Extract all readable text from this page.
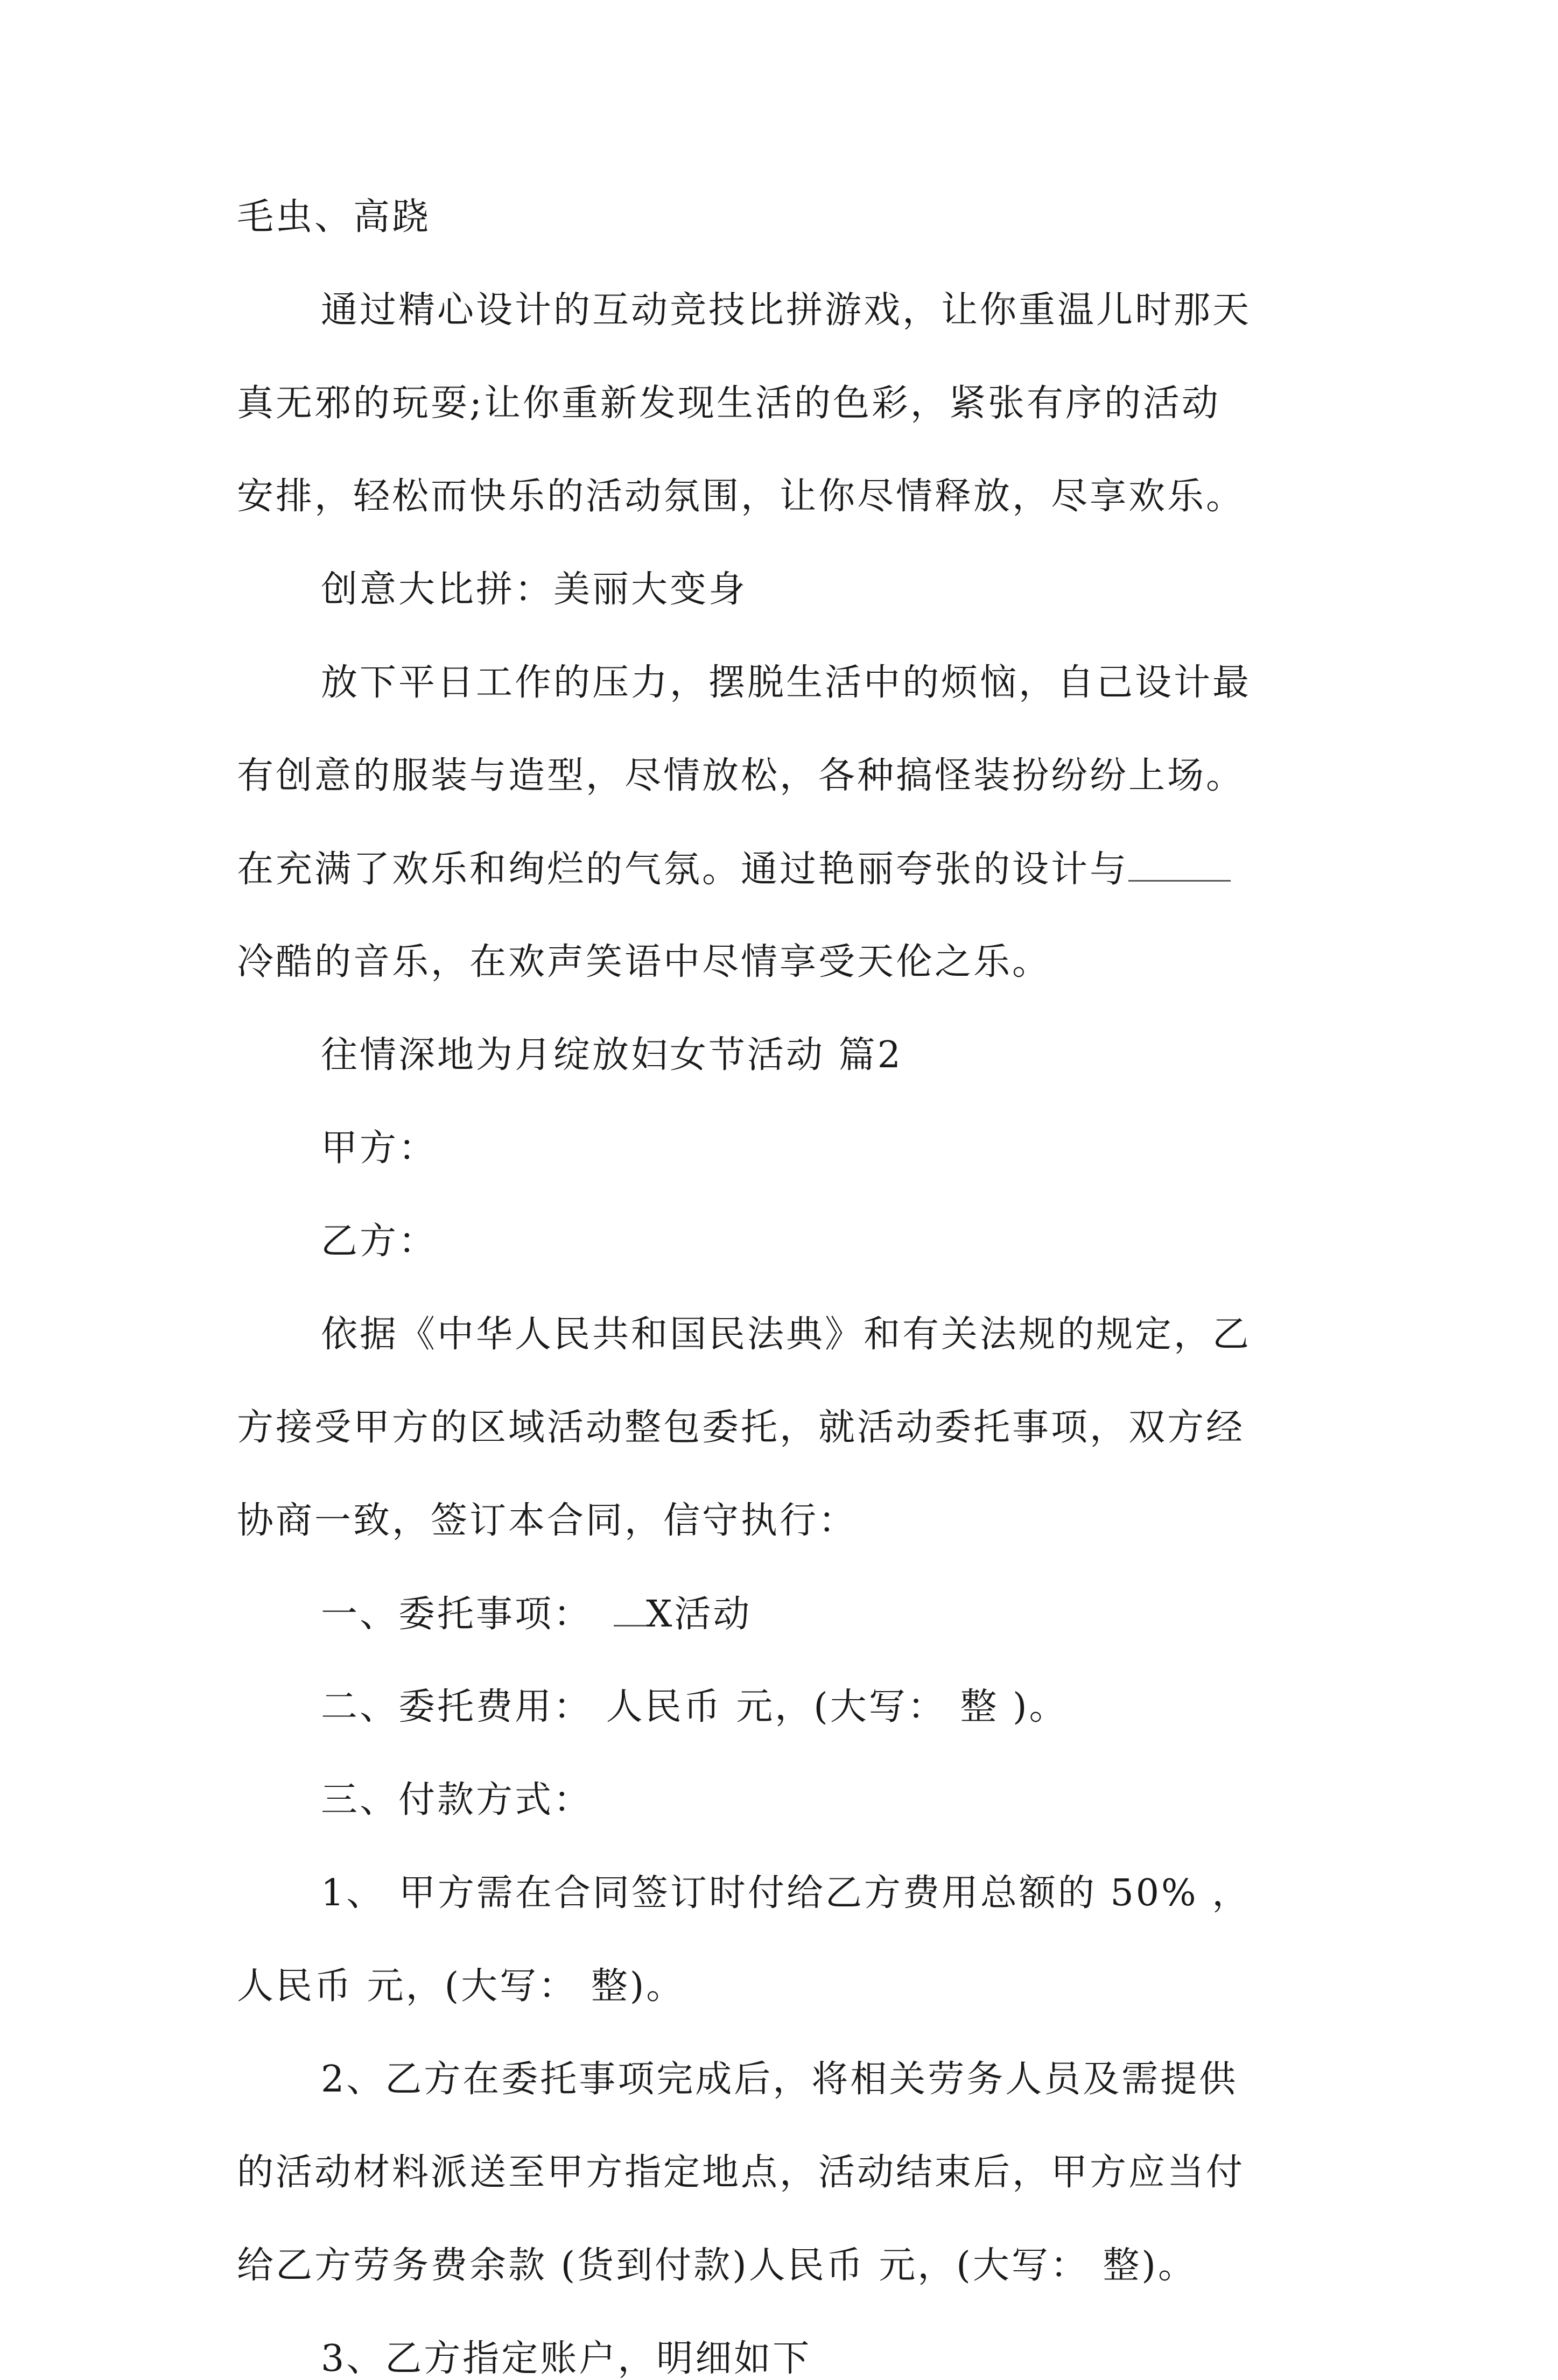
毛虫、高跷

通过精心设计的互动竞技比拼游戏，让你重温儿时那天

真无邪的玩耍;让你重新发现生活的色彩，紧张有序的活动

安排，轻松而快乐的活动氛围，让你尽情释放，尽享欢乐。

创意大比拼：美丽大变身

放下平日工作的压力，摆脱生活中的烦恼，自己设计最

有创意的服装与造型，尽情放松，各种搞怪装扮纷纷上场。

在充满了欢乐和绚烂的气氛。通过艳丽夸张的设计与

冷酷的音乐，在欢声笑语中尽情享受天伦之乐。

往情深地为月绽放妇女节活动 篇2

甲方：

乙方：

依据《中华人民共和国民法典》和有关法规的规定，乙

方接受甲方的区域活动整包委托，就活动委托事项，双方经

协商一致，签订本合同，信守执行：

一、委托事项： X活动

二、委托费用： 人民币 元，(大写： 整 )。

三、付款方式：

1、 甲方需在合同签订时付给乙方费用总额的 50% ，

人民币 元，(大写： 整)。

2、乙方在委托事项完成后，将相关劳务人员及需提供

的活动材料派送至甲方指定地点，活动结束后，甲方应当付

给乙方劳务费余款 (货到付款)人民币 元，(大写： 整)。

3、乙方指定账户，明细如下
